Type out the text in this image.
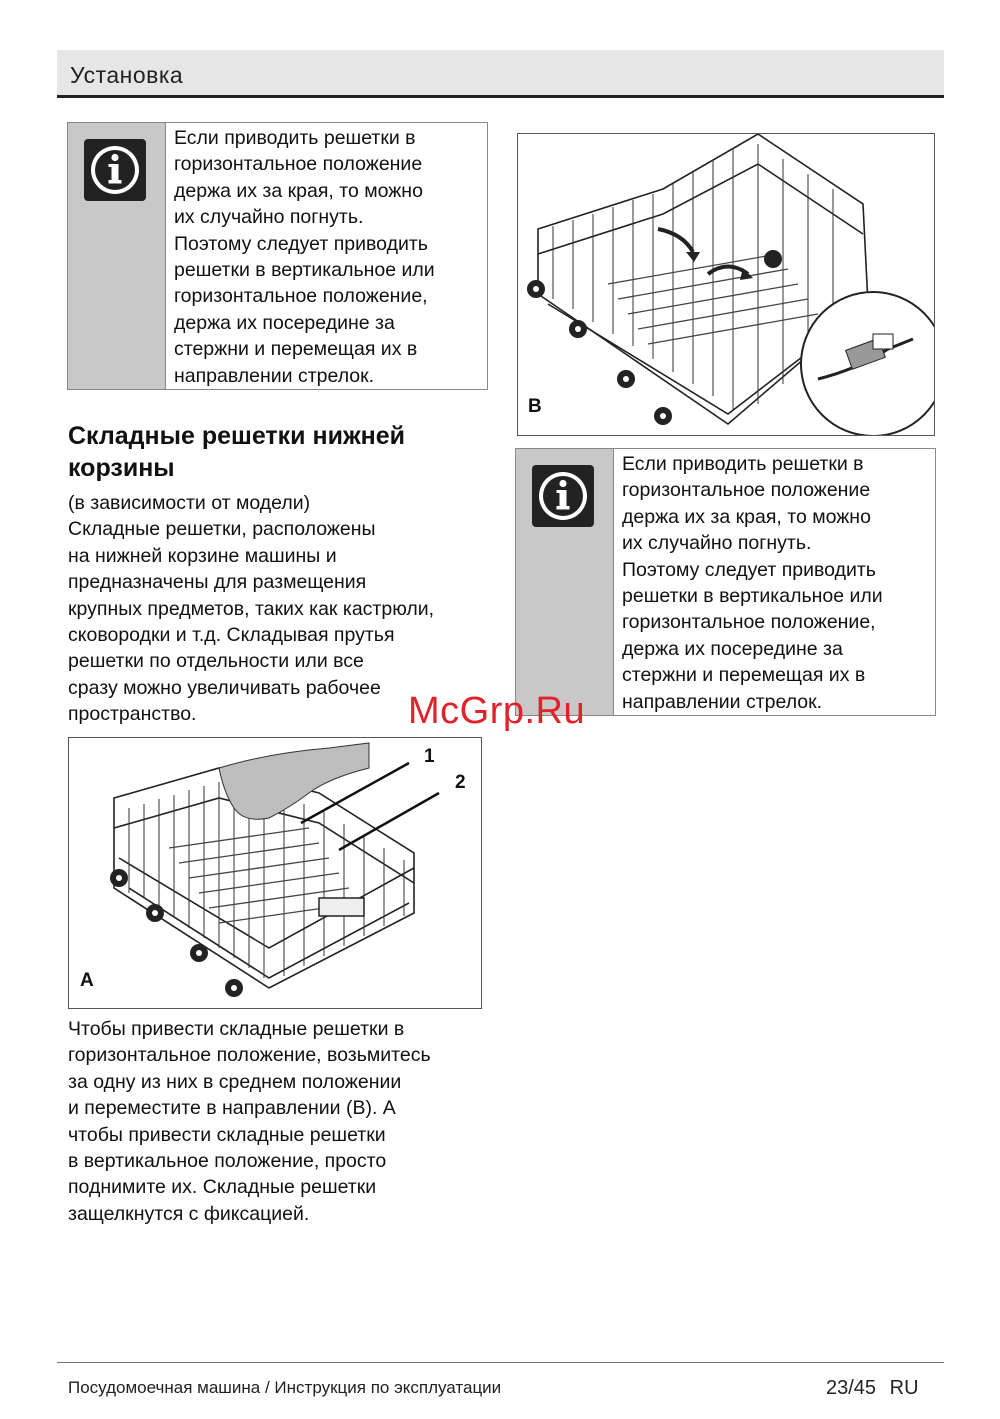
Установка
Если приводить решетки в
горизонтальное положение
держа их за края, то можно
их случайно погнуть.
Поэтому следует приводить
решетки в вертикальное или
горизонтальное положение,
держа их посередине за
стержни и перемещая их в
направлении стрелок.
Складные решетки нижней
корзины
(в зависимости от модели)
Складные решетки, расположены
на нижней корзине машины и
предназначены для размещения
крупных предметов, таких как кастрюли,
сковородки и т.д. Складывая прутья
решетки по отдельности или все
сразу можно увеличивать рабочее
пространство.
1
2
A
Чтобы привести складные решетки в
горизонтальное положение, возьмитесь
за одну из них в среднем положении
и переместите в направлении (B). А
чтобы привести складные решетки
в вертикальное положение, просто
поднимите их. Складные решетки
защелкнутся с фиксацией.
B
Если приводить решетки в
горизонтальное положение
держа их за края, то можно
их случайно погнуть.
Поэтому следует приводить
решетки в вертикальное или
горизонтальное положение,
держа их посередине за
стержни и перемещая их в
направлении стрелок.
McGrp.Ru
Посудомоечная машина / Инструкция по эксплуатации	23/45 RU
